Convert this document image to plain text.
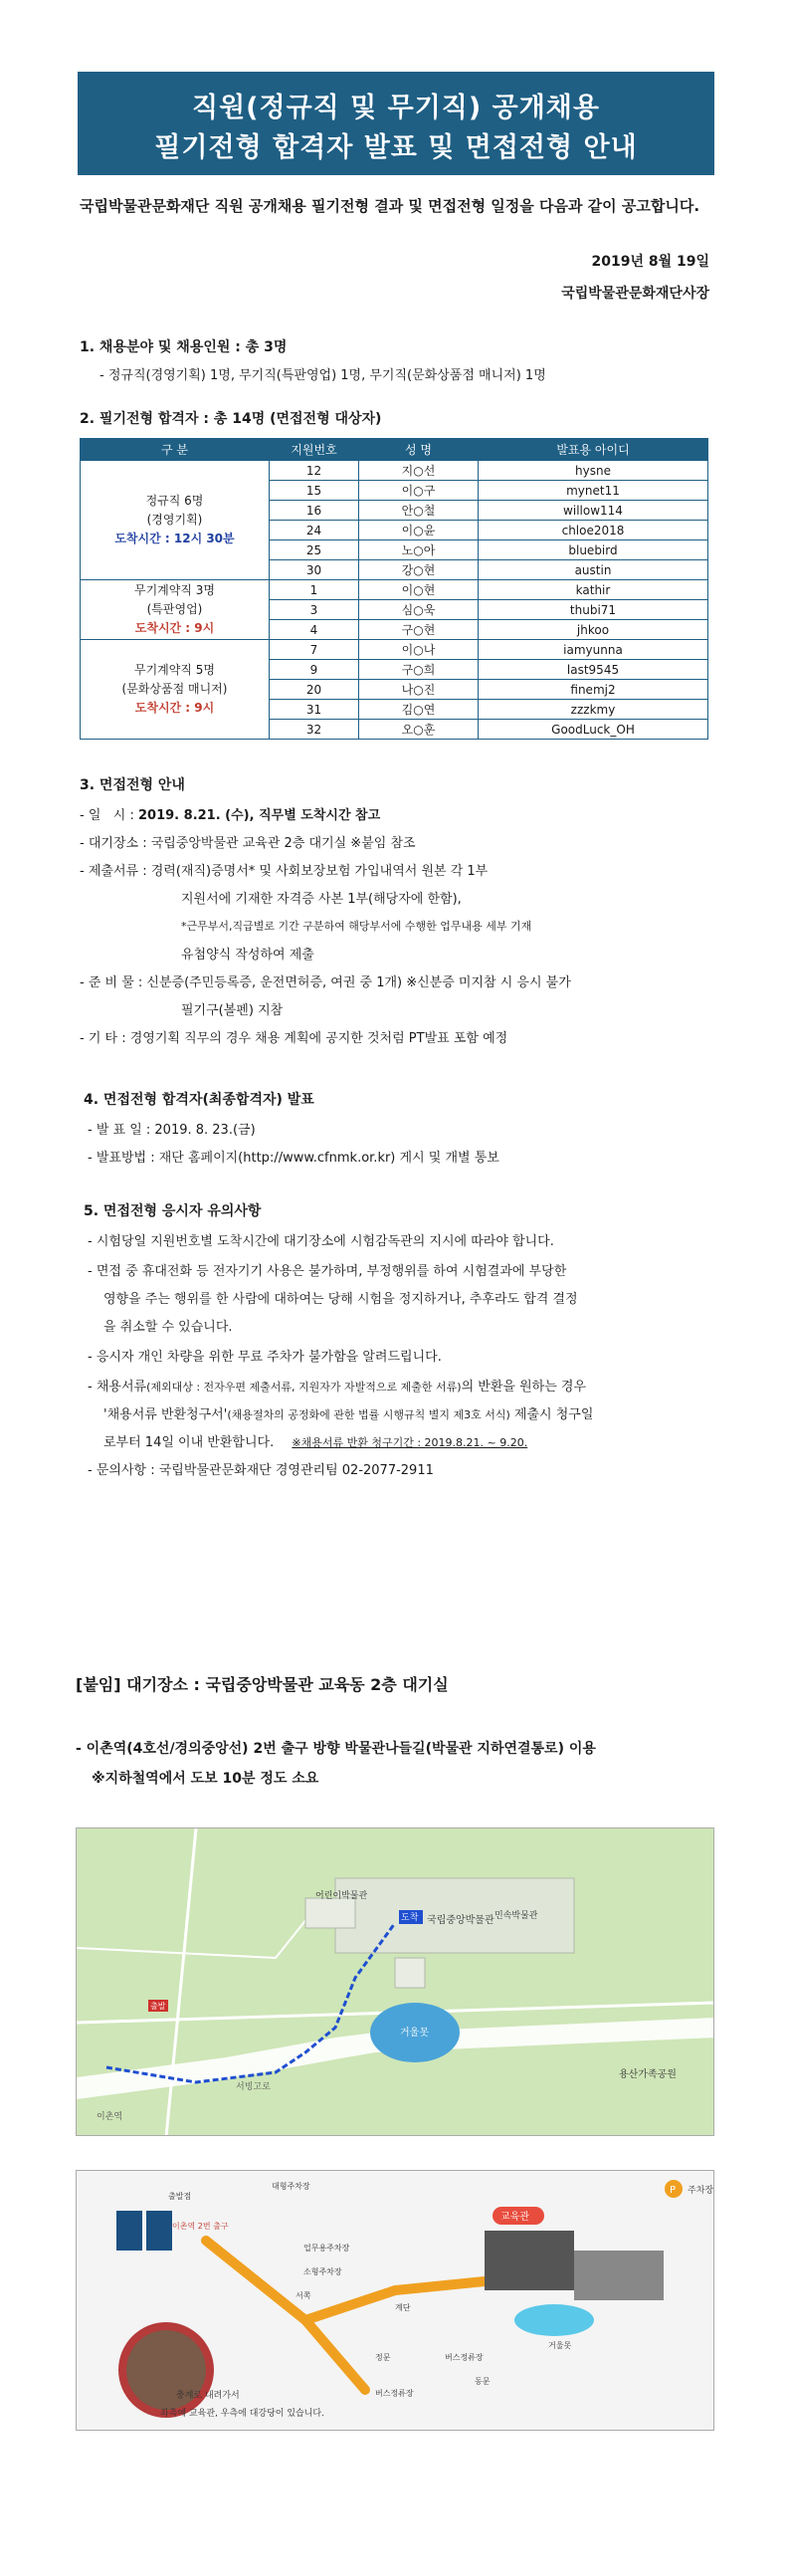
직원(정규직 및 무기직) 공개채용
필기전형 합격자 발표 및 면접전형 안내
국립박물관문화재단 직원 공개채용 필기전형 결과 및 면접전형 일정을 다음과 같이 공고합니다.
2019년 8월 19일
국립박물관문화재단사장
1. 채용분야 및 채용인원 : 총 3명
- 정규직(경영기획) 1명, 무기직(특판영업) 1명, 무기직(문화상품점 매니저) 1명
2. 필기전형 합격자 : 총 14명 (면접전형 대상자)
구 분	지원번호	성 명	발표용 아이디

정규직 6명
(경영기획)
도착시간 : 12시 30분	12	지○선	hysne
	15	이○구	mynet11
	16	안○철	willow114
	24	이○윤	chloe2018
	25	노○아	bluebird
	30	강○현	austin

무기계약직 3명
(특판영업)
도착시간 : 9시	1	이○현	kathir
	3	심○욱	thubi71
	4	구○현	jhkoo

무기계약직 5명
(문화상품점 매니저)
도착시간 : 9시	7	이○나	iamyunna
	9	구○희	last9545
	20	나○진	finemj2
	31	김○연	zzzkmy
	32	오○훈	GoodLuck_OH
3. 면접전형 안내
- 일   시 : 2019. 8.21. (수), 직무별 도착시간 참고
- 대기장소 : 국립중앙박물관 교육관 2층 대기실 ※붙임 참조
- 제출서류 : 경력(재직)증명서* 및 사회보장보험 가입내역서 원본 각 1부
지원서에 기재한 자격증 사본 1부(해당자에 한함),
*근무부서,직급별로 기간 구분하여 해당부서에 수행한 업무내용 세부 기재
유첨양식 작성하여 제출
- 준 비 물 : 신분증(주민등록증, 운전면허증, 여권 중 1개) ※신분증 미지참 시 응시 불가
필기구(볼펜) 지참
- 기 타 : 경영기획 직무의 경우 채용 계획에 공지한 것처럼 PT발표 포함 예정
4. 면접전형 합격자(최종합격자) 발표
- 발 표 일 : 2019. 8. 23.(금)
- 발표방법 : 재단 홈페이지(http://www.cfnmk.or.kr) 게시 및 개별 통보
5. 면접전형 응시자 유의사항
- 시험당일 지원번호별 도착시간에 대기장소에 시험감독관의 지시에 따라야 합니다.
- 면접 중 휴대전화 등 전자기기 사용은 불가하며, 부정행위를 하여 시험결과에 부당한
영향을 주는 행위를 한 사람에 대하여는 당해 시험을 정지하거나, 추후라도 합격 결정
을 취소할 수 있습니다.
- 응시자 개인 차량을 위한 무료 주차가 불가함을 알려드립니다.
- 채용서류(제외대상 : 전자우편 제출서류, 지원자가 자발적으로 제출한 서류)의 반환을 원하는 경우
'채용서류 반환청구서'(채용절차의 공정화에 관한 법률 시행규칙 별지 제3호 서식) 제출시 청구일
로부터 14일 이내 반환합니다. ※채용서류 반환 청구기간 : 2019.8.21. ~ 9.20.
- 문의사항 : 국립박물관문화재단 경영관리팀 02-2077-2911
[붙임] 대기장소 : 국립중앙박물관 교육동 2층 대기실
- 이촌역(4호선/경의중앙선) 2번 출구 방향 박물관나들길(박물관 지하연결통로) 이용
※지하철역에서 도보 10분 정도 소요
국립중앙박물관
어린이박물관
민속박물관
거울못
용산가족공원
도착
출발
서빙고로
이촌역
P 주차장
출발점
이촌역 2번 출구
대형주차장
교육관
업무용주차장
소형주차장
서쪽
정문	버스정류장
동문
거울못
계단
버스정류장
충계로 내려가서
좌측에 교육관, 우측에 대강당이 있습니다.
